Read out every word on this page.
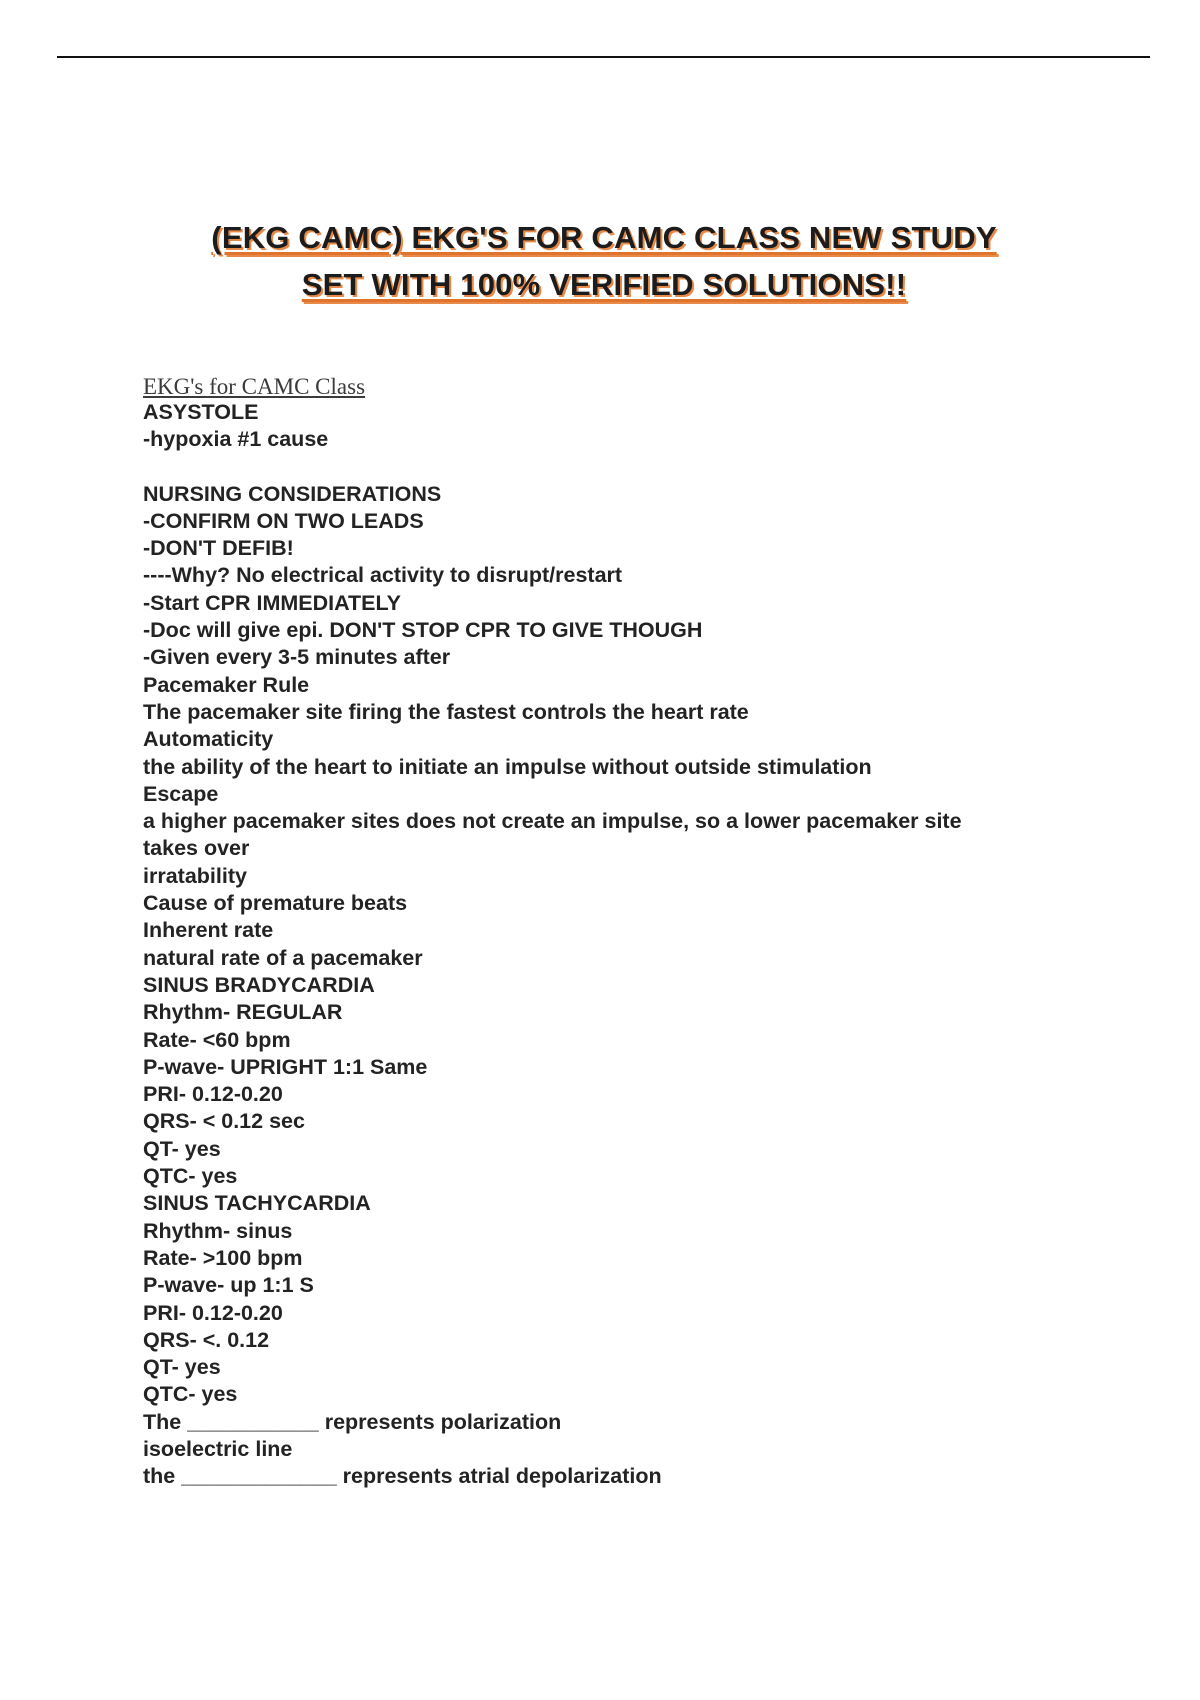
(EKG CAMC) EKG'S FOR CAMC CLASS NEW STUDY
SET WITH 100% VERIFIED SOLUTIONS!!
EKG's for CAMC Class
ASYSTOLE
-hypoxia #1 cause
NURSING CONSIDERATIONS
-CONFIRM ON TWO LEADS
-DON'T DEFIB!
----Why? No electrical activity to disrupt/restart
-Start CPR IMMEDIATELY
-Doc will give epi. DON'T STOP CPR TO GIVE THOUGH
-Given every 3-5 minutes after
Pacemaker Rule
The pacemaker site firing the fastest controls the heart rate
Automaticity
the ability of the heart to initiate an impulse without outside stimulation
Escape
a higher pacemaker sites does not create an impulse, so a lower pacemaker site
takes over
irratability
Cause of premature beats
Inherent rate
natural rate of a pacemaker
SINUS BRADYCARDIA
Rhythm- REGULAR
Rate- <60 bpm
P-wave- UPRIGHT 1:1 Same
PRI- 0.12-0.20
QRS- < 0.12 sec
QT- yes
QTC- yes
SINUS TACHYCARDIA
Rhythm- sinus
Rate- >100 bpm
P-wave- up 1:1 S
PRI- 0.12-0.20
QRS- <. 0.12
QT- yes
QTC- yes
The ___________ represents polarization
isoelectric line
the _____________ represents atrial depolarization
